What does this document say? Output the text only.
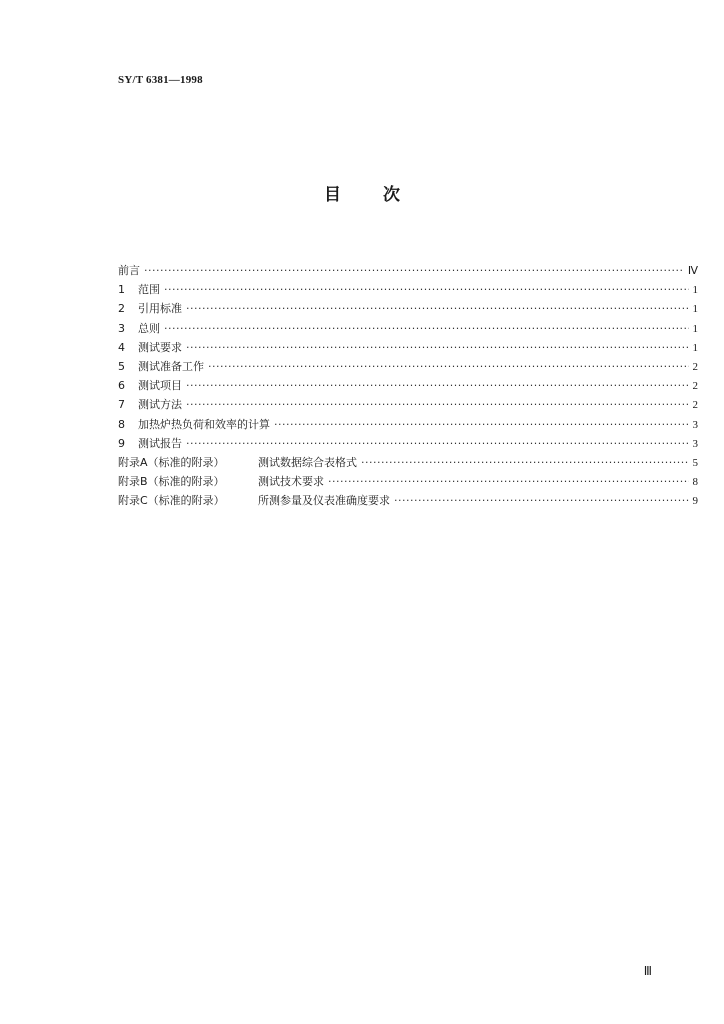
SY/T 6381—1998
目 次
前言 ·····	Ⅳ
1	范围 ·····	1
2	引用标准 ·····	1
3	总则 ·····	1
4	测试要求 ·····	1
5	测试准备工作 ·····	2
6	测试项目 ·····	2
7	测试方法 ·····	2
8	加热炉热负荷和效率的计算 ·····	3
9	测试报告 ·····	3
附录A（标准的附录）	测试数据综合表格式 ·····	5
附录B（标准的附录）	测试技术要求 ·····	8
附录C（标准的附录）	所测参量及仪表准确度要求 ·····	9
Ⅲ
